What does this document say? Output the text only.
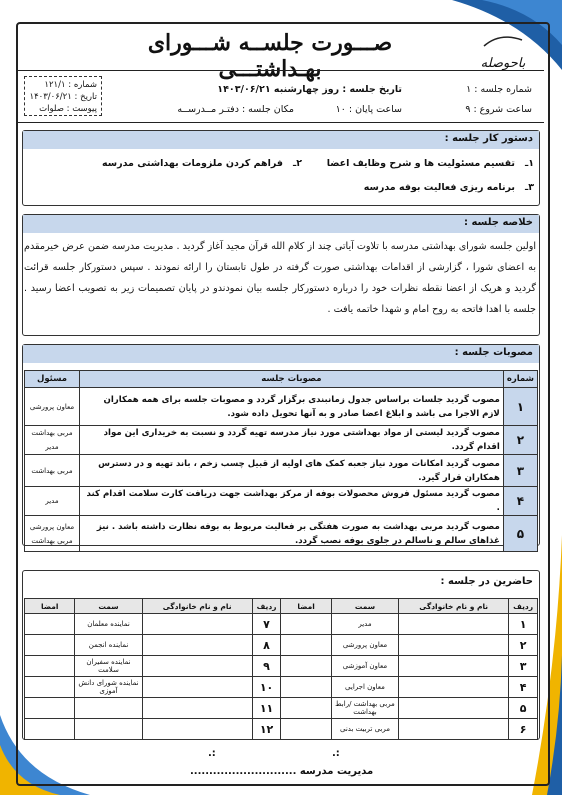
باحوصله
صـــورت جلســه شـــورای بهـداشتـــی
شماره : ۱۲۱/۱
تاریخ : ۱۴۰۳/۰۶/۲۱
پیوست : صلوات
شماره جلسه : ۱
تاریخ جلسه : روز چهارشنبه ۱۴۰۳/۰۶/۲۱
ساعت شروع : ۹
ساعت پایان : ۱۰
مکان جلسه : دفتـر مــدرســه
دستور کار جلسه :
۱ـ   تقسیم مسئولیت ها و شرح وظایف اعضا
۲ـ   فراهم کردن ملزومات بهداشتی مدرسه
۳ـ   برنامه ریزی فعالیت بوفه مدرسه
خلاصه جلسه :
اولین جلسه شورای بهداشتی مدرسه با تلاوت آیاتی چند از کلام الله قرآن مجید آغاز گردید . مدیریت مدرسه ضمن عرض خیرمقدم به اعضای شورا ، گزارشی از اقدامات بهداشتی صورت گرفته در طول تابستان را ارائه نمودند . سپس دستورکار جلسه قرائت گردید و هریک از اعضا نقطه نظرات خود را درباره دستورکار جلسه بیان نمودندو در پایان تصمیمات زیر به تصویب اعضا رسید . جلسه با اهدا فاتحه به روح امام و شهدا خاتمه یافت .
مصوبات جلسه :
شماره	مصوبات جلسه	مسئول
۱	مصوب گردید جلسات براساس جدول زمانبندی برگزار گردد و مصوبات جلسه برای همه همکاران لازم الاجرا می باشد و ابلاغ اعضا صادر و به آنها تحویل داده شود.	معاون پرورشی
۲	مصوب گردید لیستی از مواد بهداشتی مورد نیاز مدرسه تهیه گردد و نسبت به خریداری این مواد اقدام گردد.	مربی بهداشت مدیر
۳	مصوب گردید امکانات مورد نیاز جعبه کمک های اولیه از قبیل چسب زخم ، باند تهیه و در دسترس همکاران قرار گیرد.	مربی بهداشت
۴	مصوب گردید مسئول فروش محصولات بوفه از مرکز بهداشت جهت دریافت کارت سلامت اقدام کند .	مدیر
۵	مصوب گردید مربی بهداشت به صورت هفتگی بر فعالیت مربوط به بوفه نظارت داشته باشد . نیز غذاهای سالم و ناسالم در جلوی بوفه نصب گردد.	معاون پرورشی مربی بهداشت
حاضرین در جلسه :
ردیف	نام و نام خانوادگی	سمت	امضا	ردیف	نام و نام خانوادگی	سمت	امضا
۱		مدیر		۷		نماینده معلمان	
۲		معاون پرورشی		۸		نماینده انجمن	
۳		معاون آموزشی		۹		نماینده سفیران سلامت	
۴		معاون اجرایی		۱۰		نماینده شورای دانش آموزی	
۵		مربی بهداشت /رابط بهداشت		۱۱			
۶		مربی تربیت بدنی		۱۲			
:.	:.
مدیریت مدرسه ............................
